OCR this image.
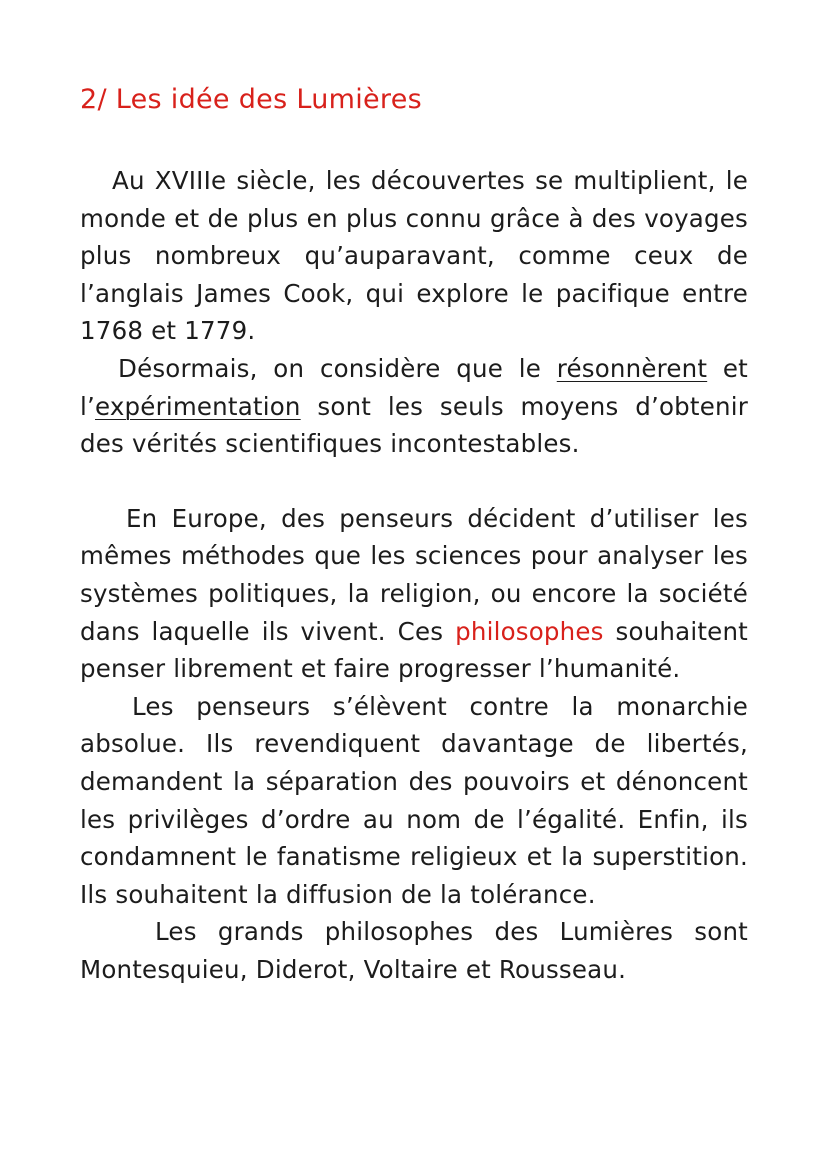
2/ Les idée des Lumières

Au XVIIIe siècle, les découvertes se multiplient, le monde et de plus en plus connu grâce à des voyages plus nombreux qu’auparavant, comme ceux de l’anglais James Cook, qui explore le pacifique entre 1768 et 1779.

Désormais, on considère que le résonnèrent et l’expérimentation sont les seuls moyens d’obtenir des vérités scientifiques incontestables.

En Europe, des penseurs décident d’utiliser les mêmes méthodes que les sciences pour analyser les systèmes politiques, la religion, ou encore la société dans laquelle ils vivent. Ces philosophes souhaitent penser librement et faire progresser l’humanité.

Les penseurs s’élèvent contre la monarchie absolue. Ils revendiquent davantage de libertés, demandent la séparation des pouvoirs et dénoncent les privilèges d’ordre au nom de l’égalité. Enfin, ils condamnent le fanatisme religieux et la superstition. Ils souhaitent la diffusion de la tolérance.

Les grands philosophes des Lumières sont Montesquieu, Diderot, Voltaire et Rousseau.
